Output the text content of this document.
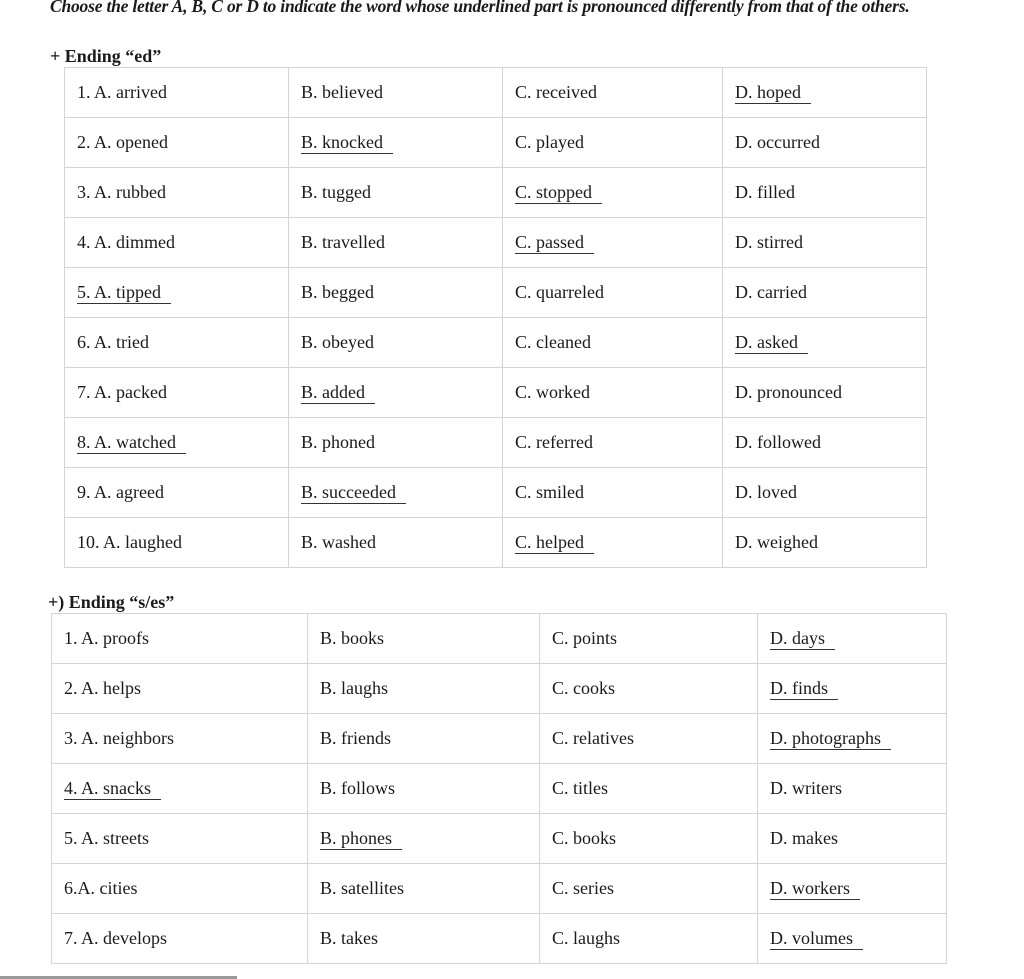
Choose the letter A, B, C or D to indicate the word whose underlined part is pronounced differently from that of the others.
+ Ending “ed”
1. A. arrived	B. believed	C. received	D. hoped
2. A. opened	B. knocked	C. played	D. occurred
3. A. rubbed	B. tugged	C. stopped	D. filled
4. A. dimmed	B. travelled	C. passed	D. stirred
5. A. tipped	B. begged	C. quarreled	D. carried
6. A. tried	B. obeyed	C. cleaned	D. asked
7. A. packed	B. added	C. worked	D. pronounced
8. A. watched	B. phoned	C. referred	D. followed
9. A. agreed	B. succeeded	C. smiled	D. loved
10. A. laughed	B. washed	C. helped	D. weighed
+) Ending “s/es”
1. A. proofs	B. books	C. points	D. days
2. A. helps	B. laughs	C. cooks	D. finds
3. A. neighbors	B. friends	C. relatives	D. photographs
4. A. snacks	B. follows	C. titles	D. writers
5. A. streets	B. phones	C. books	D. makes
6.A. cities	B. satellites	C. series	D. workers
7. A. develops	B. takes	C. laughs	D. volumes
